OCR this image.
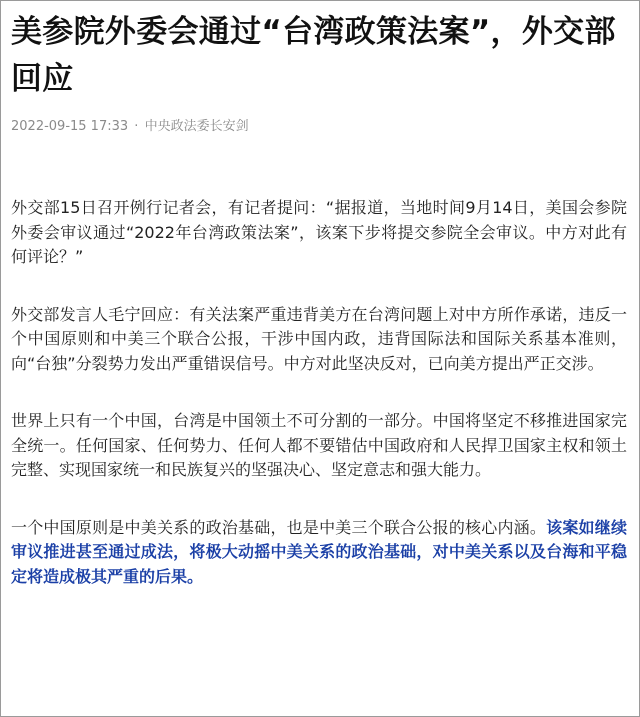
美参院外委会通过“台湾政策法案”，外交部回应
2022-09-15 17:33 · 中央政法委长安剑

外交部15日召开例行记者会，有记者提问：“据报道，当地时间9月14日，美国会参院外委会审议通过“2022年台湾政策法案”，该案下步将提交参院全会审议。中方对此有何评论？”

外交部发言人毛宁回应：有关法案严重违背美方在台湾问题上对中方所作承诺，违反一个中国原则和中美三个联合公报，干涉中国内政，违背国际法和国际关系基本准则，向“台独”分裂势力发出严重错误信号。中方对此坚决反对，已向美方提出严正交涉。

世界上只有一个中国，台湾是中国领土不可分割的一部分。中国将坚定不移推进国家完全统一。任何国家、任何势力、任何人都不要错估中国政府和人民捍卫国家主权和领土完整、实现国家统一和民族复兴的坚强决心、坚定意志和强大能力。

一个中国原则是中美关系的政治基础，也是中美三个联合公报的核心内涵。该案如继续审议推进甚至通过成法，将极大动摇中美关系的政治基础，对中美关系以及台海和平稳定将造成极其严重的后果。
